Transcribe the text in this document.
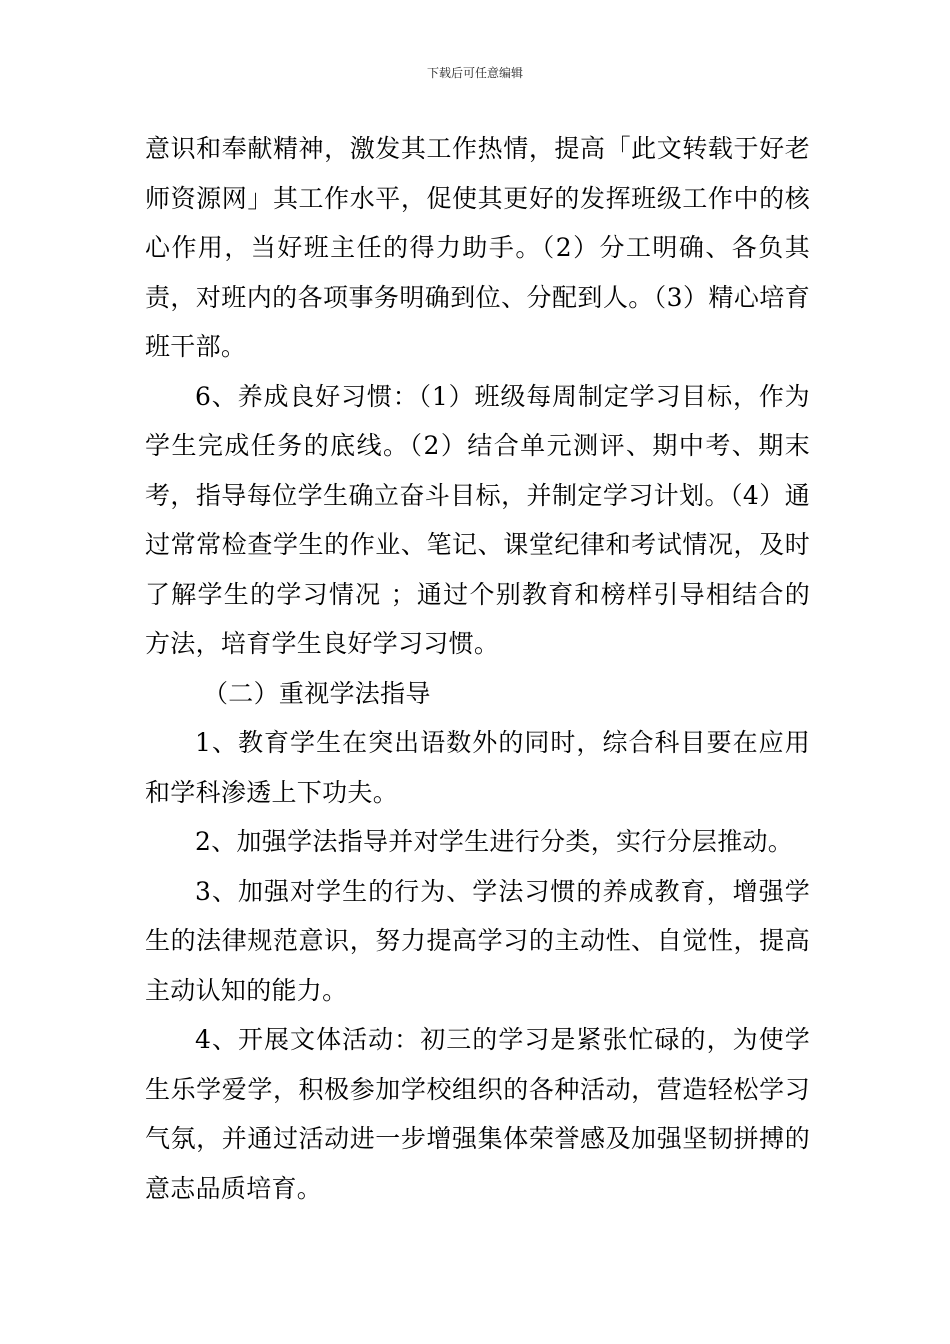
下载后可任意编辑

意识和奉献精神，激发其工作热情，提高「此文转载于好老师资源网」其工作水平，促使其更好的发挥班级工作中的核心作用，当好班主任的得力助手。（2）分工明确、各负其责，对班内的各项事务明确到位、分配到人。（3）精心培育班干部。

6、养成良好习惯：（1）班级每周制定学习目标，作为学生完成任务的底线。（2）结合单元测评、期中考、期末考，指导每位学生确立奋斗目标，并制定学习计划。（4）通过常常检查学生的作业、笔记、课堂纪律和考试情况，及时了解学生的学习情况 ；通过个别教育和榜样引导相结合的方法，培育学生良好学习习惯。

（二）重视学法指导

1、教育学生在突出语数外的同时，综合科目要在应用和学科渗透上下功夫。

2、加强学法指导并对学生进行分类，实行分层推动。

3、加强对学生的行为、学法习惯的养成教育，增强学生的法律规范意识，努力提高学习的主动性、自觉性，提高主动认知的能力。

4、开展文体活动：初三的学习是紧张忙碌的，为使学生乐学爱学，积极参加学校组织的各种活动，营造轻松学习气氛，并通过活动进一步增强集体荣誉感及加强坚韧拼搏的意志品质培育。
